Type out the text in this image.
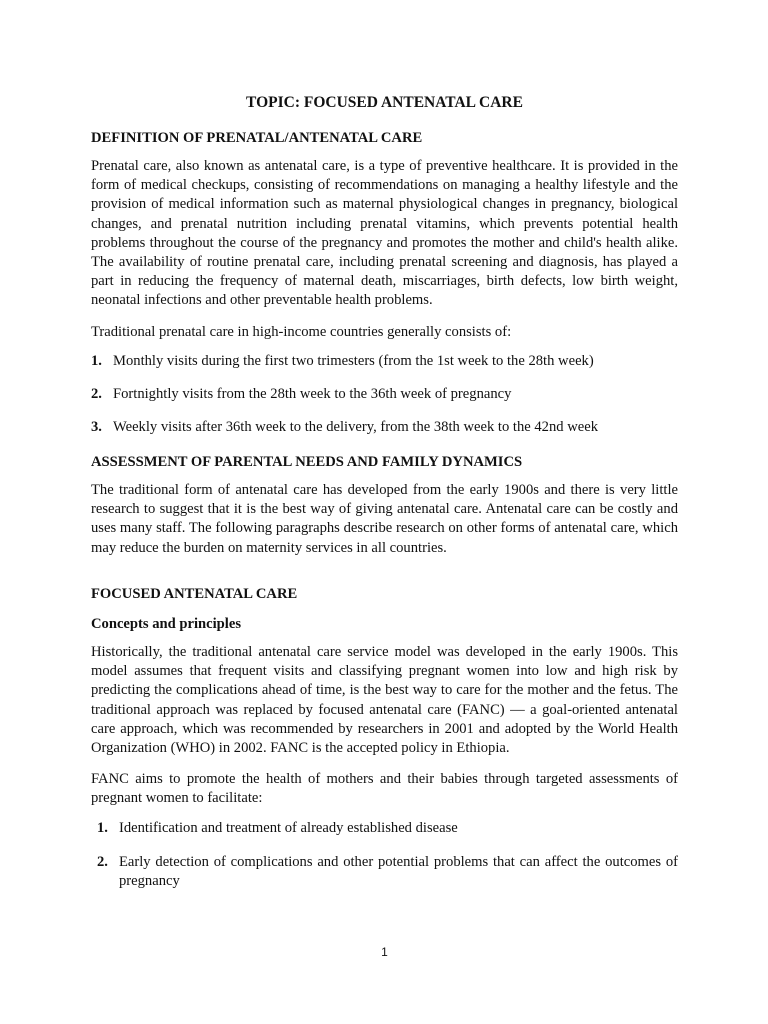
TOPIC: FOCUSED ANTENATAL CARE
DEFINITION OF PRENATAL/ANTENATAL CARE
Prenatal care, also known as antenatal care, is a type of preventive healthcare. It is provided in the form of medical checkups, consisting of recommendations on managing a healthy lifestyle and the provision of medical information such as maternal physiological changes in pregnancy, biological changes, and prenatal nutrition including prenatal vitamins, which prevents potential health problems throughout the course of the pregnancy and promotes the mother and child's health alike. The availability of routine prenatal care, including prenatal screening and diagnosis, has played a part in reducing the frequency of maternal death, miscarriages, birth defects, low birth weight, neonatal infections and other preventable health problems.
Traditional prenatal care in high-income countries generally consists of:
1. Monthly visits during the first two trimesters (from the 1st week to the 28th week)
2. Fortnightly visits from the 28th week to the 36th week of pregnancy
3. Weekly visits after 36th week to the delivery, from the 38th week to the 42nd week
ASSESSMENT OF PARENTAL NEEDS AND FAMILY DYNAMICS
The traditional form of antenatal care has developed from the early 1900s and there is very little research to suggest that it is the best way of giving antenatal care. Antenatal care can be costly and uses many staff. The following paragraphs describe research on other forms of antenatal care, which may reduce the burden on maternity services in all countries.
FOCUSED ANTENATAL CARE
Concepts and principles
Historically, the traditional antenatal care service model was developed in the early 1900s. This model assumes that frequent visits and classifying pregnant women into low and high risk by predicting the complications ahead of time, is the best way to care for the mother and the fetus. The traditional approach was replaced by focused antenatal care (FANC) — a goal-oriented antenatal care approach, which was recommended by researchers in 2001 and adopted by the World Health Organization (WHO) in 2002. FANC is the accepted policy in Ethiopia.
FANC aims to promote the health of mothers and their babies through targeted assessments of pregnant women to facilitate:
1. Identification and treatment of already established disease
2. Early detection of complications and other potential problems that can affect the outcomes of pregnancy
1
